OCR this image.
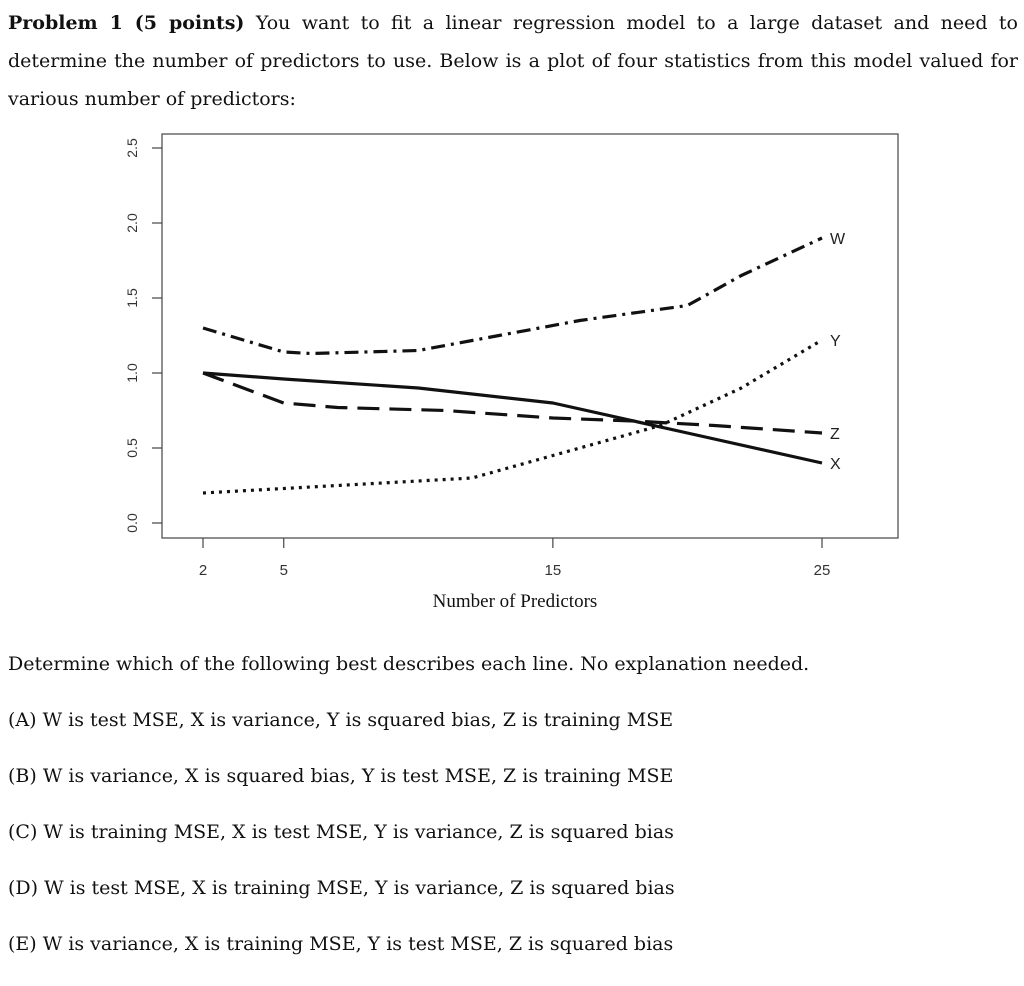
Problem 1 (5 points) You want to fit a linear regression model to a large dataset and need to determine the number of predictors to use. Below is a plot of four statistics from this model valued for various number of predictors:
0.0
0.5
1.0
1.5
2.0
2.5
2	5	15	25
W
X
Y
Z
Number of Predictors
Determine which of the following best describes each line. No explanation needed.
(A) W is test MSE, X is variance, Y is squared bias, Z is training MSE
(B) W is variance, X is squared bias, Y is test MSE, Z is training MSE
(C) W is training MSE, X is test MSE, Y is variance, Z is squared bias
(D) W is test MSE, X is training MSE, Y is variance, Z is squared bias
(E) W is variance, X is training MSE, Y is test MSE, Z is squared bias
